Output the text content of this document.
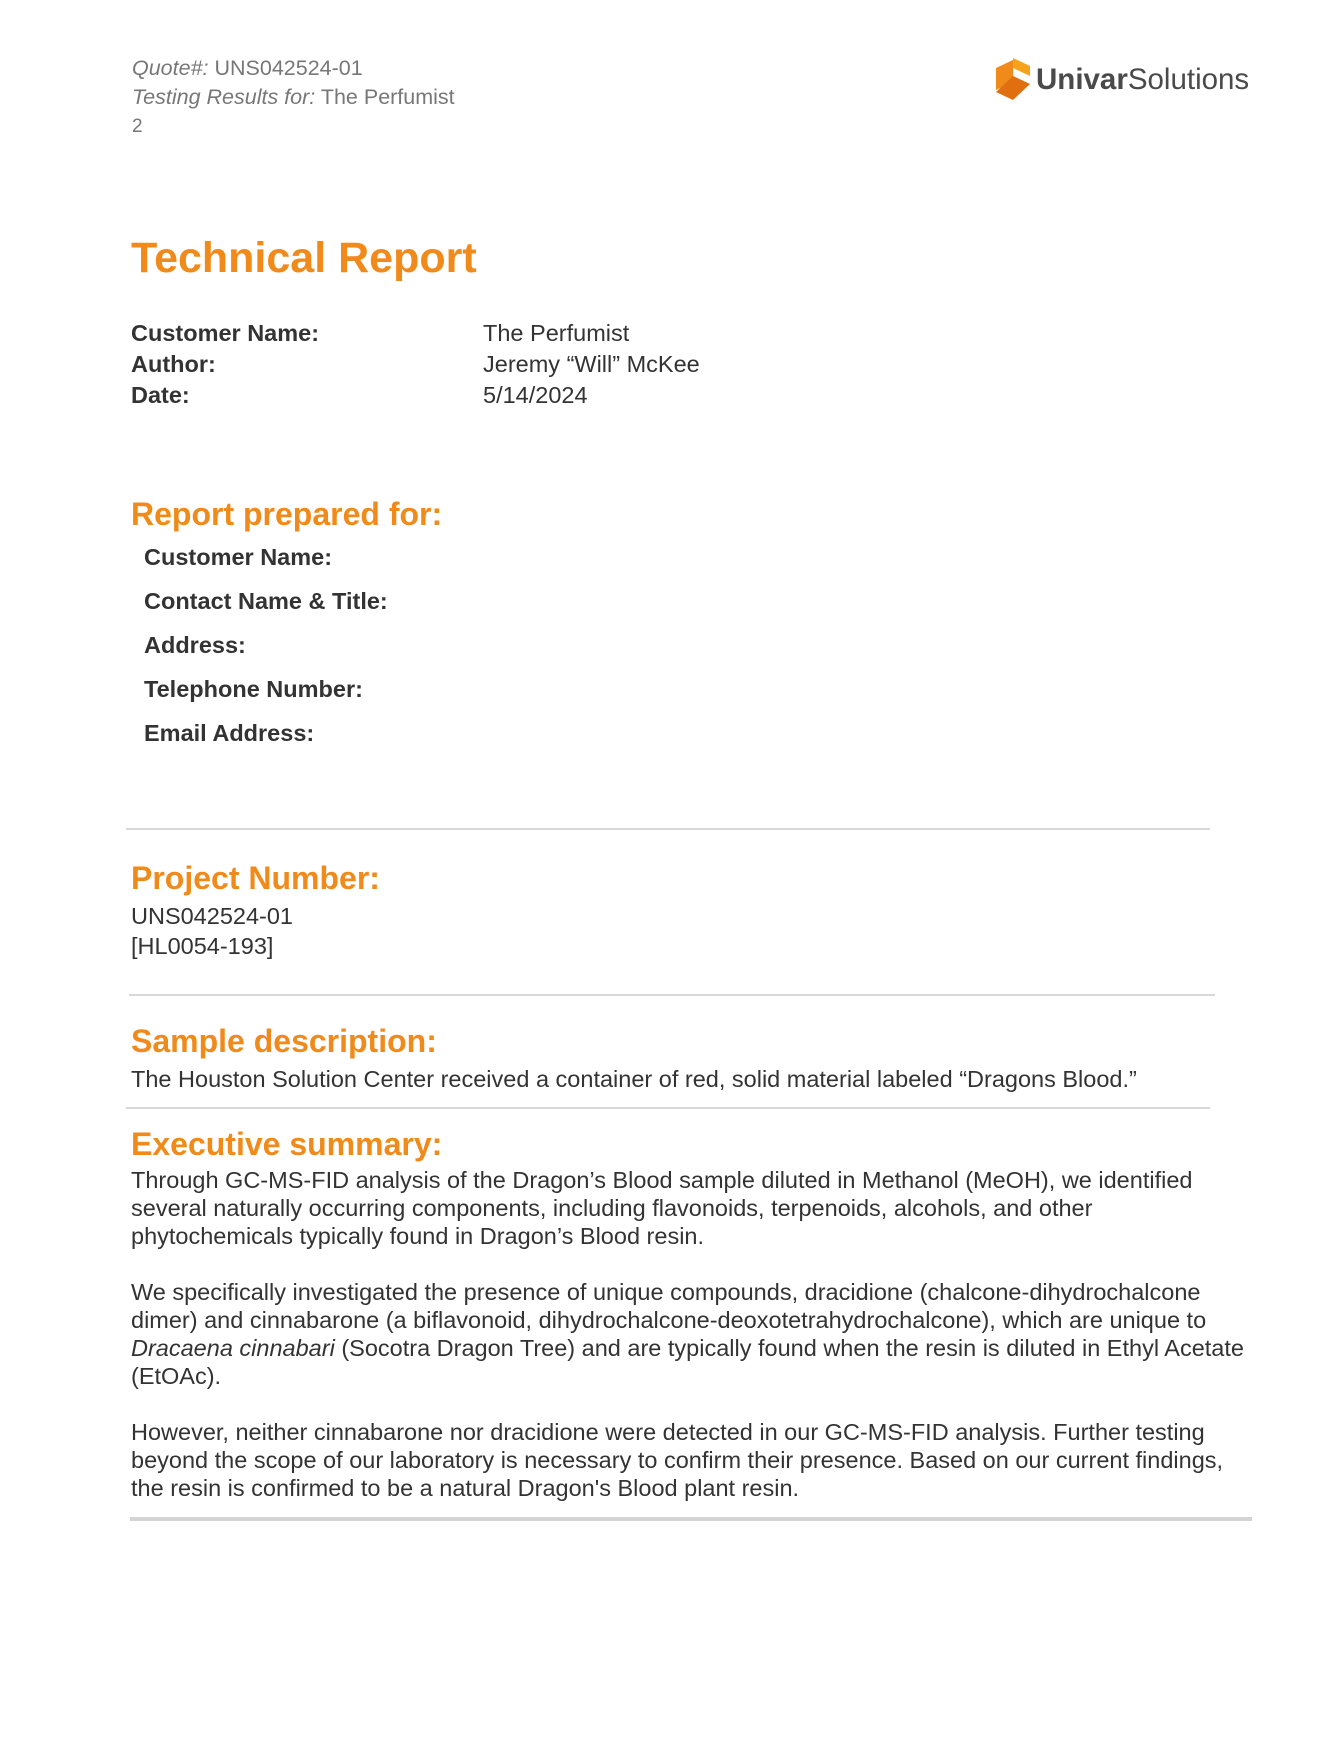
Quote#: UNS042524-01
Testing Results for: The Perfumist
2
UnivarSolutions
Technical Report
Customer Name:	The Perfumist
Author:	Jeremy “Will” McKee
Date:	5/14/2024
Report prepared for:
Customer Name:
Contact Name & Title:
Address:
Telephone Number:
Email Address:
Project Number:
UNS042524-01
[HL0054-193]
Sample description:
The Houston Solution Center received a container of red, solid material labeled “Dragons Blood.”
Executive summary:

Through GC-MS-FID analysis of the Dragon’s Blood sample diluted in Methanol (MeOH), we identified several naturally occurring components, including flavonoids, terpenoids, alcohols, and other phytochemicals typically found in Dragon’s Blood resin.

We specifically investigated the presence of unique compounds, dracidione (chalcone-dihydrochalcone dimer) and cinnabarone (a biflavonoid, dihydrochalcone-deoxotetrahydrochalcone), which are unique to Dracaena cinnabari (Socotra Dragon Tree) and are typically found when the resin is diluted in Ethyl Acetate (EtOAc).

However, neither cinnabarone nor dracidione were detected in our GC-MS-FID analysis. Further testing beyond the scope of our laboratory is necessary to confirm their presence. Based on our current findings, the resin is confirmed to be a natural Dragon's Blood plant resin.
